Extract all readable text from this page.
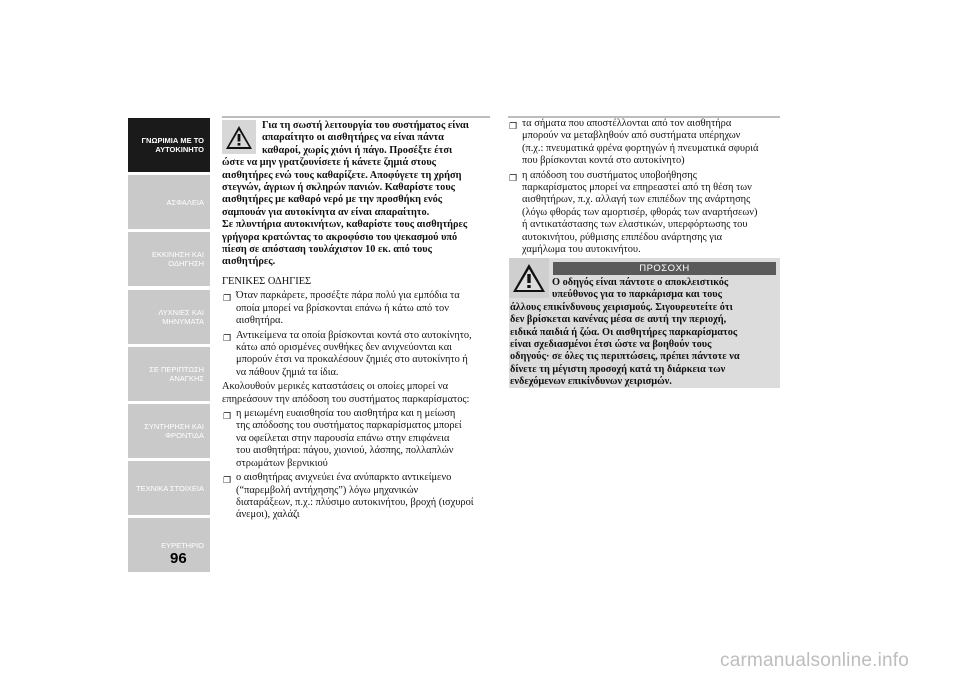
ΓΝΩΡΙΜΙΑ ΜΕ ΤΟ
ΑΥΤΟΚΙΝΗΤΟ
ΑΣΦΑΛΕΙΑ
ΕΚΚΙΝΗΣΗ ΚΑΙ
ΟΔΗΓΗΣΗ
ΛΥΧΝΙΕΣ ΚΑΙ
ΜΗΝΥΜΑΤΑ
ΣΕ ΠΕΡΙΠΤΩΣΗ
ΑΝΑΓΚΗΣ
ΣΥΝΤΗΡΗΣΗ ΚΑΙ
ΦΡΟΝΤΙΔΑ
ΤΕΧΝΙΚΑ ΣΤΟΙΧΕΙΑ
ΕΥΡΕΤΗΡΙΟ
96
Για τη σωστή λειτουργία του συστήματος είναι
απαραίτητο οι αισθητήρες να είναι πάντα
καθαροί, χωρίς χιόνι ή πάγο. Προσέξτε έτσι
ώστε να μην γρατζουνίσετε ή κάνετε ζημιά στους
αισθητήρες ενώ τους καθαρίζετε. Αποφύγετε τη χρήση
στεγνών, άγριων ή σκληρών πανιών. Καθαρίστε τους
αισθητήρες με καθαρό νερό με την προσθήκη ενός
σαμπουάν για αυτοκίνητα αν είναι απαραίτητο.
Σε πλυντήρια αυτοκινήτων, καθαρίστε τους αισθητήρες
γρήγορα κρατώντας το ακροφύσιο του ψεκασμού υπό
πίεση σε απόσταση τουλάχιστον 10 εκ. από τους
αισθητήρες.
ΓΕΝΙΚΕΣ ΟΔΗΓΙΕΣ
❐ Όταν παρκάρετε, προσέξτε πάρα πολύ για εμπόδια τα
οποία μπορεί να βρίσκονται επάνω ή κάτω από τον
αισθητήρα.
❐ Αντικείμενα τα οποία βρίσκονται κοντά στο αυτοκίνητο,
κάτω από ορισμένες συνθήκες δεν ανιχνεύονται και
μπορούν έτσι να προκαλέσουν ζημιές στο αυτοκίνητο ή
να πάθουν ζημιά τα ίδια.
Ακολουθούν μερικές καταστάσεις οι οποίες μπορεί να
επηρεάσουν την απόδοση του συστήματος παρκαρίσματος:
❐ η μειωμένη ευαισθησία του αισθητήρα και η μείωση
της απόδοσης του συστήματος παρκαρίσματος μπορεί
να οφείλεται στην παρουσία επάνω στην επιφάνεια
του αισθητήρα: πάγου, χιονιού, λάσπης, πολλαπλών
στρωμάτων βερνικιού
❐ ο αισθητήρας ανιχνεύει ένα ανύπαρκτο αντικείμενο
(“παρεμβολή αντήχησης”) λόγω μηχανικών
διαταράξεων, π.χ.: πλύσιμο αυτοκινήτου, βροχή (ισχυροί
άνεμοι), χαλάζι
❐ τα σήματα που αποστέλλονται από τον αισθητήρα
μπορούν να μεταβληθούν από συστήματα υπέρηχων
(π.χ.: πνευματικά φρένα φορτηγών ή πνευματικά σφυριά
που βρίσκονται κοντά στο αυτοκίνητο)
❐ η απόδοση του συστήματος υποβοήθησης
παρκαρίσματος μπορεί να επηρεαστεί από τη θέση των
αισθητήρων, π.χ. αλλαγή των επιπέδων της ανάρτησης
(λόγω φθοράς των αμορτισέρ, φθοράς των αναρτήσεων)
ή αντικατάστασης των ελαστικών, υπερφόρτωσης του
αυτοκινήτου, ρύθμισης επιπέδου ανάρτησης για
χαμήλωμα του αυτοκινήτου.
ΠΡΟΣΟΧΗ
Ο οδηγός είναι πάντοτε ο αποκλειστικός
υπεύθυνος για το παρκάρισμα και τους
άλλους επικίνδυνους χειρισμούς. Σιγουρευτείτε ότι
δεν βρίσκεται κανένας μέσα σε αυτή την περιοχή,
ειδικά παιδιά ή ζώα. Οι αισθητήρες παρκαρίσματος
είναι σχεδιασμένοι έτσι ώστε να βοηθούν τους
οδηγούς· σε όλες τις περιπτώσεις, πρέπει πάντοτε να
δίνετε τη μέγιστη προσοχή κατά τη διάρκεια των
ενδεχόμενων επικίνδυνων χειρισμών.
carmanualsonline.info
